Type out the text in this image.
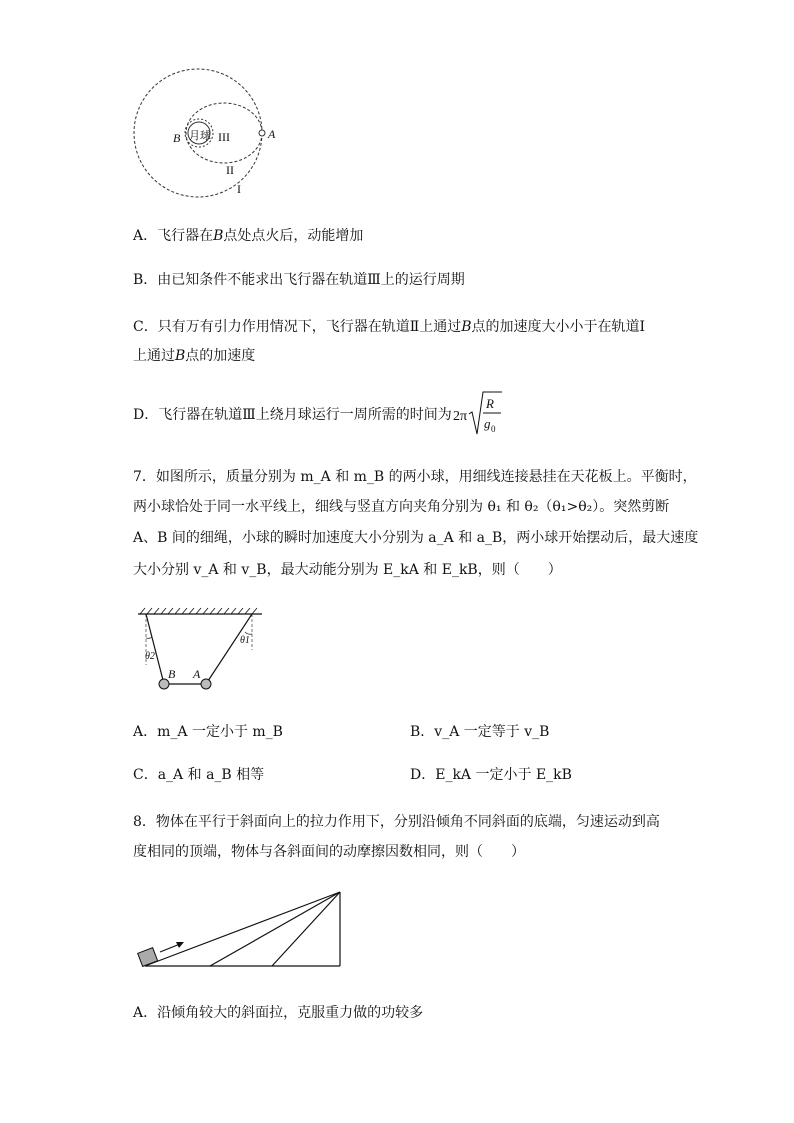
B 月球 III	A
II
I
A．飞行器在B点处点火后，动能增加
B．由已知条件不能求出飞行器在轨道Ⅲ上的运行周期
C．只有万有引力作用情况下，飞行器在轨道Ⅱ上通过B点的加速度大小小于在轨道Ⅰ
上通过B点的加速度
D．飞行器在轨道Ⅲ上绕月球运行一周所需的时间为 2π
R
g 0
7．如图所示，质量分别为 m_A 和 m_B 的两小球，用细线连接悬挂在天花板上。平衡时，
两小球恰处于同一水平线上，细线与竖直方向夹角分别为 θ₁ 和 θ₂（θ₁>θ₂）。突然剪断
A、B 间的细绳，小球的瞬时加速度大小分别为 a_A 和 a_B，两小球开始摆动后，最大速度
大小分别 v_A 和 v_B，最大动能分别为 E_kA 和 E_kB，则（　　）
θ2
θ1
B A
A．m_A 一定小于 m_B	B．v_A 一定等于 v_B
C．a_A 和 a_B 相等	D．E_kA 一定小于 E_kB
8．物体在平行于斜面向上的拉力作用下，分别沿倾角不同斜面的底端，匀速运动到高
度相同的顶端，物体与各斜面间的动摩擦因数相同，则（　　）
A．沿倾角较大的斜面拉，克服重力做的功较多
